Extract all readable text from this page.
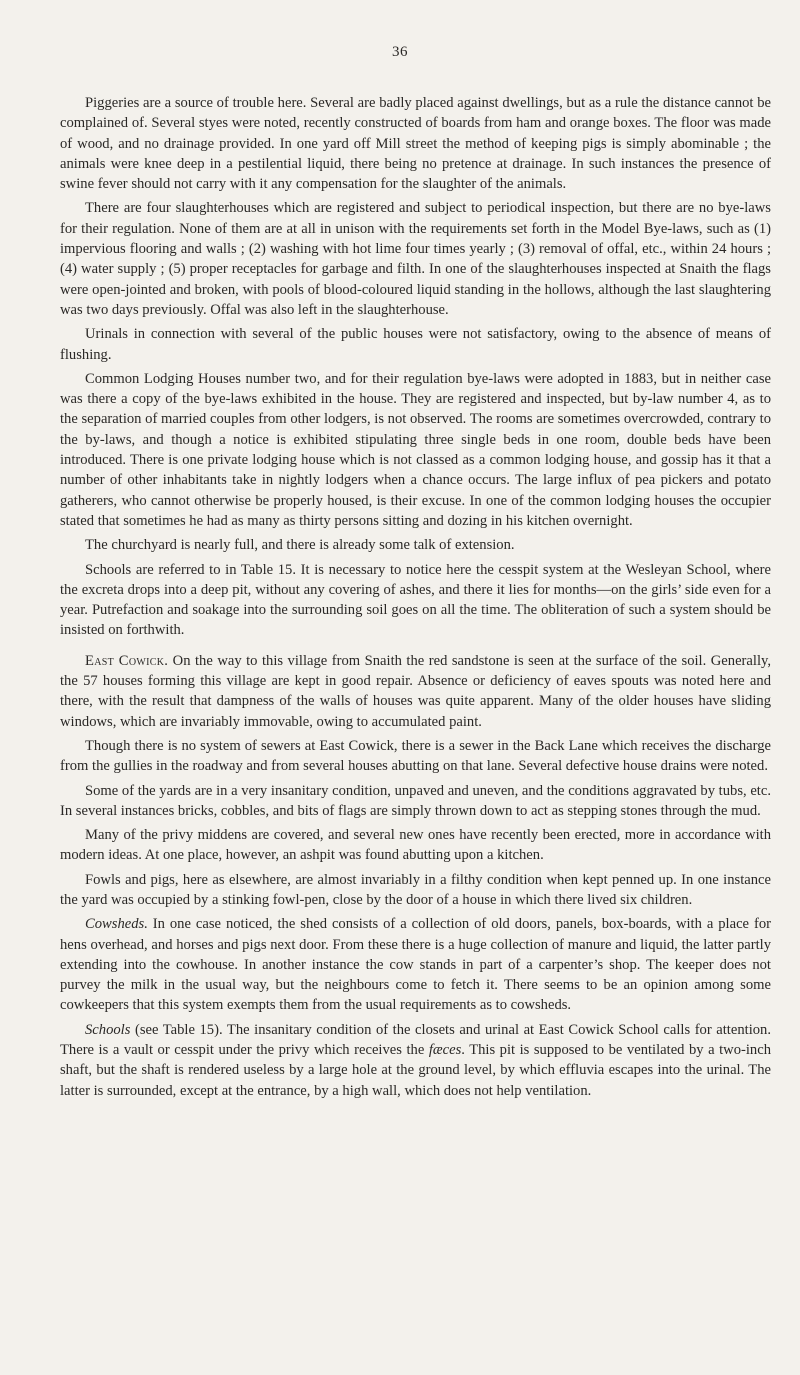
36

Piggeries are a source of trouble here. Several are badly placed against dwellings, but as a rule the distance cannot be complained of. Several styes were noted, recently constructed of boards from ham and orange boxes. The floor was made of wood, and no drainage provided. In one yard off Mill street the method of keeping pigs is simply abominable ; the animals were knee deep in a pestilential liquid, there being no pretence at drainage. In such instances the presence of swine fever should not carry with it any compensation for the slaughter of the animals.

There are four slaughterhouses which are registered and subject to periodical inspection, but there are no bye-laws for their regulation. None of them are at all in unison with the requirements set forth in the Model Bye-laws, such as (1) impervious flooring and walls ; (2) washing with hot lime four times yearly ; (3) removal of offal, etc., within 24 hours ; (4) water supply ; (5) proper receptacles for garbage and filth. In one of the slaughterhouses inspected at Snaith the flags were open-jointed and broken, with pools of blood-coloured liquid standing in the hollows, although the last slaughtering was two days previously. Offal was also left in the slaughterhouse.

Urinals in connection with several of the public houses were not satisfactory, owing to the absence of means of flushing.

Common Lodging Houses number two, and for their regulation bye-laws were adopted in 1883, but in neither case was there a copy of the bye-laws exhibited in the house. They are registered and inspected, but by-law number 4, as to the separation of married couples from other lodgers, is not observed. The rooms are sometimes overcrowded, contrary to the by-laws, and though a notice is exhibited stipulating three single beds in one room, double beds have been introduced. There is one private lodging house which is not classed as a common lodging house, and gossip has it that a number of other inhabitants take in nightly lodgers when a chance occurs. The large influx of pea pickers and potato gatherers, who cannot otherwise be properly housed, is their excuse. In one of the common lodging houses the occupier stated that sometimes he had as many as thirty persons sitting and dozing in his kitchen overnight.

The churchyard is nearly full, and there is already some talk of extension.

Schools are referred to in Table 15. It is necessary to notice here the cesspit system at the Wesleyan School, where the excreta drops into a deep pit, without any covering of ashes, and there it lies for months—on the girls’ side even for a year. Putrefaction and soakage into the surrounding soil goes on all the time. The obliteration of such a system should be insisted on forthwith.

East Cowick. On the way to this village from Snaith the red sandstone is seen at the surface of the soil. Generally, the 57 houses forming this village are kept in good repair. Absence or deficiency of eaves spouts was noted here and there, with the result that dampness of the walls of houses was quite apparent. Many of the older houses have sliding windows, which are invariably immovable, owing to accumulated paint.

Though there is no system of sewers at East Cowick, there is a sewer in the Back Lane which receives the discharge from the gullies in the roadway and from several houses abutting on that lane. Several defective house drains were noted.

Some of the yards are in a very insanitary condition, unpaved and uneven, and the conditions aggravated by tubs, etc. In several instances bricks, cobbles, and bits of flags are simply thrown down to act as stepping stones through the mud.

Many of the privy middens are covered, and several new ones have recently been erected, more in accordance with modern ideas. At one place, however, an ashpit was found abutting upon a kitchen.

Fowls and pigs, here as elsewhere, are almost invariably in a filthy condition when kept penned up. In one instance the yard was occupied by a stinking fowl-pen, close by the door of a house in which there lived six children.

Cowsheds. In one case noticed, the shed consists of a collection of old doors, panels, box-boards, with a place for hens overhead, and horses and pigs next door. From these there is a huge collection of manure and liquid, the latter partly extending into the cowhouse. In another instance the cow stands in part of a carpenter’s shop. The keeper does not purvey the milk in the usual way, but the neighbours come to fetch it. There seems to be an opinion among some cowkeepers that this system exempts them from the usual requirements as to cowsheds.

Schools (see Table 15). The insanitary condition of the closets and urinal at East Cowick School calls for attention. There is a vault or cesspit under the privy which receives the fæces. This pit is supposed to be ventilated by a two-inch shaft, but the shaft is rendered useless by a large hole at the ground level, by which effluvia escapes into the urinal. The latter is surrounded, except at the entrance, by a high wall, which does not help ventilation.
